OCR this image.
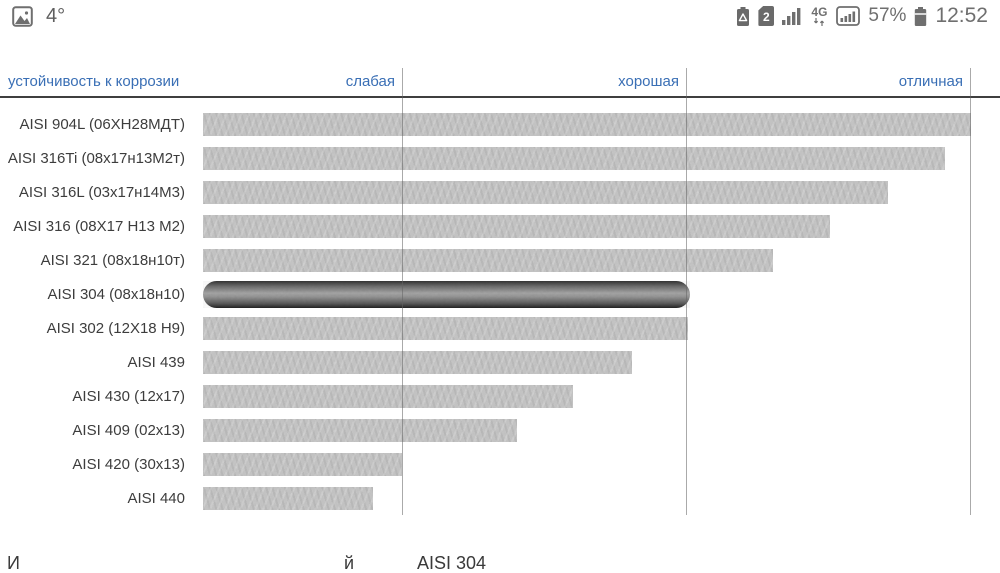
4°	2	4G 57% 12:52
устойчивость к коррозии	слабая	хорошая	отличная
AISI 904L (06ХН28МДТ)
AISI 316Ti (08х17н13М2т)
AISI 316L (03х17н14М3)
AISI 316 (08Х17 Н13 М2)
AISI 321 (08х18н10т)
AISI 304 (08х18н10)
AISI 302 (12Х18 Н9)
AISI 439
AISI 430 (12x17)
AISI 409 (02x13)
AISI 420 (30x13)
AISI 440
И	й	AISI 304
